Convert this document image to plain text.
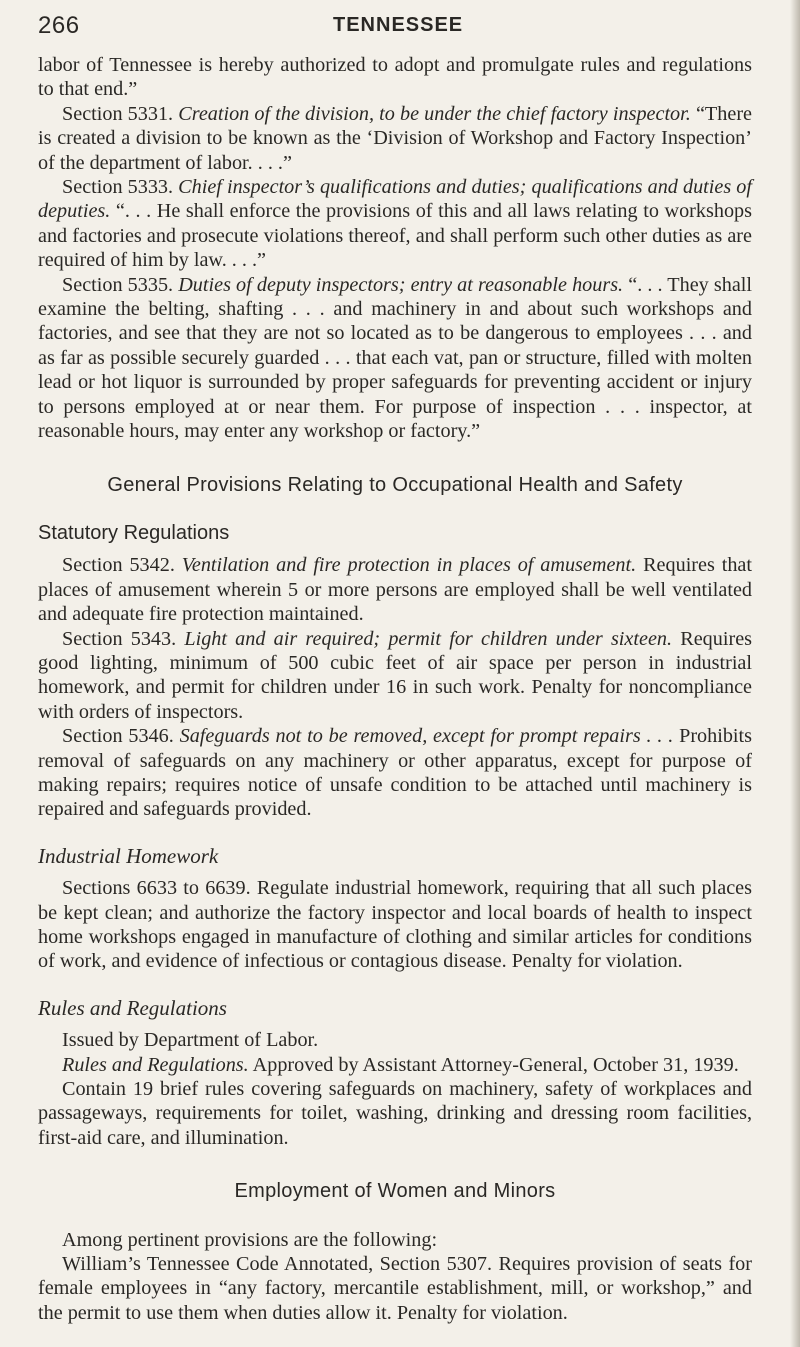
266	TENNESSEE

labor of Tennessee is hereby authorized to adopt and promulgate rules and regulations to that end.”

Section 5331. Creation of the division, to be under the chief factory inspector. “There is created a division to be known as the ‘Division of Workshop and Factory Inspection’ of the department of labor. . . .”

Section 5333. Chief inspector’s qualifications and duties; qualifications and duties of deputies. “. . . He shall enforce the provisions of this and all laws relating to workshops and factories and prosecute violations thereof, and shall perform such other duties as are required of him by law. . . .”

Section 5335. Duties of deputy inspectors; entry at reasonable hours. “. . . They shall examine the belting, shafting . . . and machinery in and about such workshops and factories, and see that they are not so located as to be dangerous to employees . . . and as far as possible securely guarded . . . that each vat, pan or structure, filled with molten lead or hot liquor is surrounded by proper safeguards for preventing accident or injury to persons employed at or near them. For purpose of inspection . . . inspector, at reasonable hours, may enter any workshop or factory.”

General Provisions Relating to Occupational Health and Safety
Statutory Regulations

Section 5342. Ventilation and fire protection in places of amusement. Requires that places of amusement wherein 5 or more persons are employed shall be well ventilated and adequate fire protection maintained.

Section 5343. Light and air required; permit for children under sixteen. Requires good lighting, minimum of 500 cubic feet of air space per person in industrial homework, and permit for children under 16 in such work. Penalty for noncompliance with orders of inspectors.

Section 5346. Safeguards not to be removed, except for prompt repairs . . . Prohibits removal of safeguards on any machinery or other apparatus, except for purpose of making repairs; requires notice of unsafe condition to be attached until machinery is repaired and safeguards provided.

Industrial Homework

Sections 6633 to 6639. Regulate industrial homework, requiring that all such places be kept clean; and authorize the factory inspector and local boards of health to inspect home workshops engaged in manufacture of clothing and similar articles for conditions of work, and evidence of infectious or contagious disease. Penalty for violation.

Rules and Regulations

Issued by Department of Labor.

Rules and Regulations. Approved by Assistant Attorney-General, October 31, 1939.

Contain 19 brief rules covering safeguards on machinery, safety of workplaces and passageways, requirements for toilet, washing, drinking and dressing room facilities, first-aid care, and illumination.

Employment of Women and Minors

Among pertinent provisions are the following:

William’s Tennessee Code Annotated, Section 5307. Requires provision of seats for female employees in “any factory, mercantile establishment, mill, or workshop,” and the permit to use them when duties allow it. Penalty for violation.
